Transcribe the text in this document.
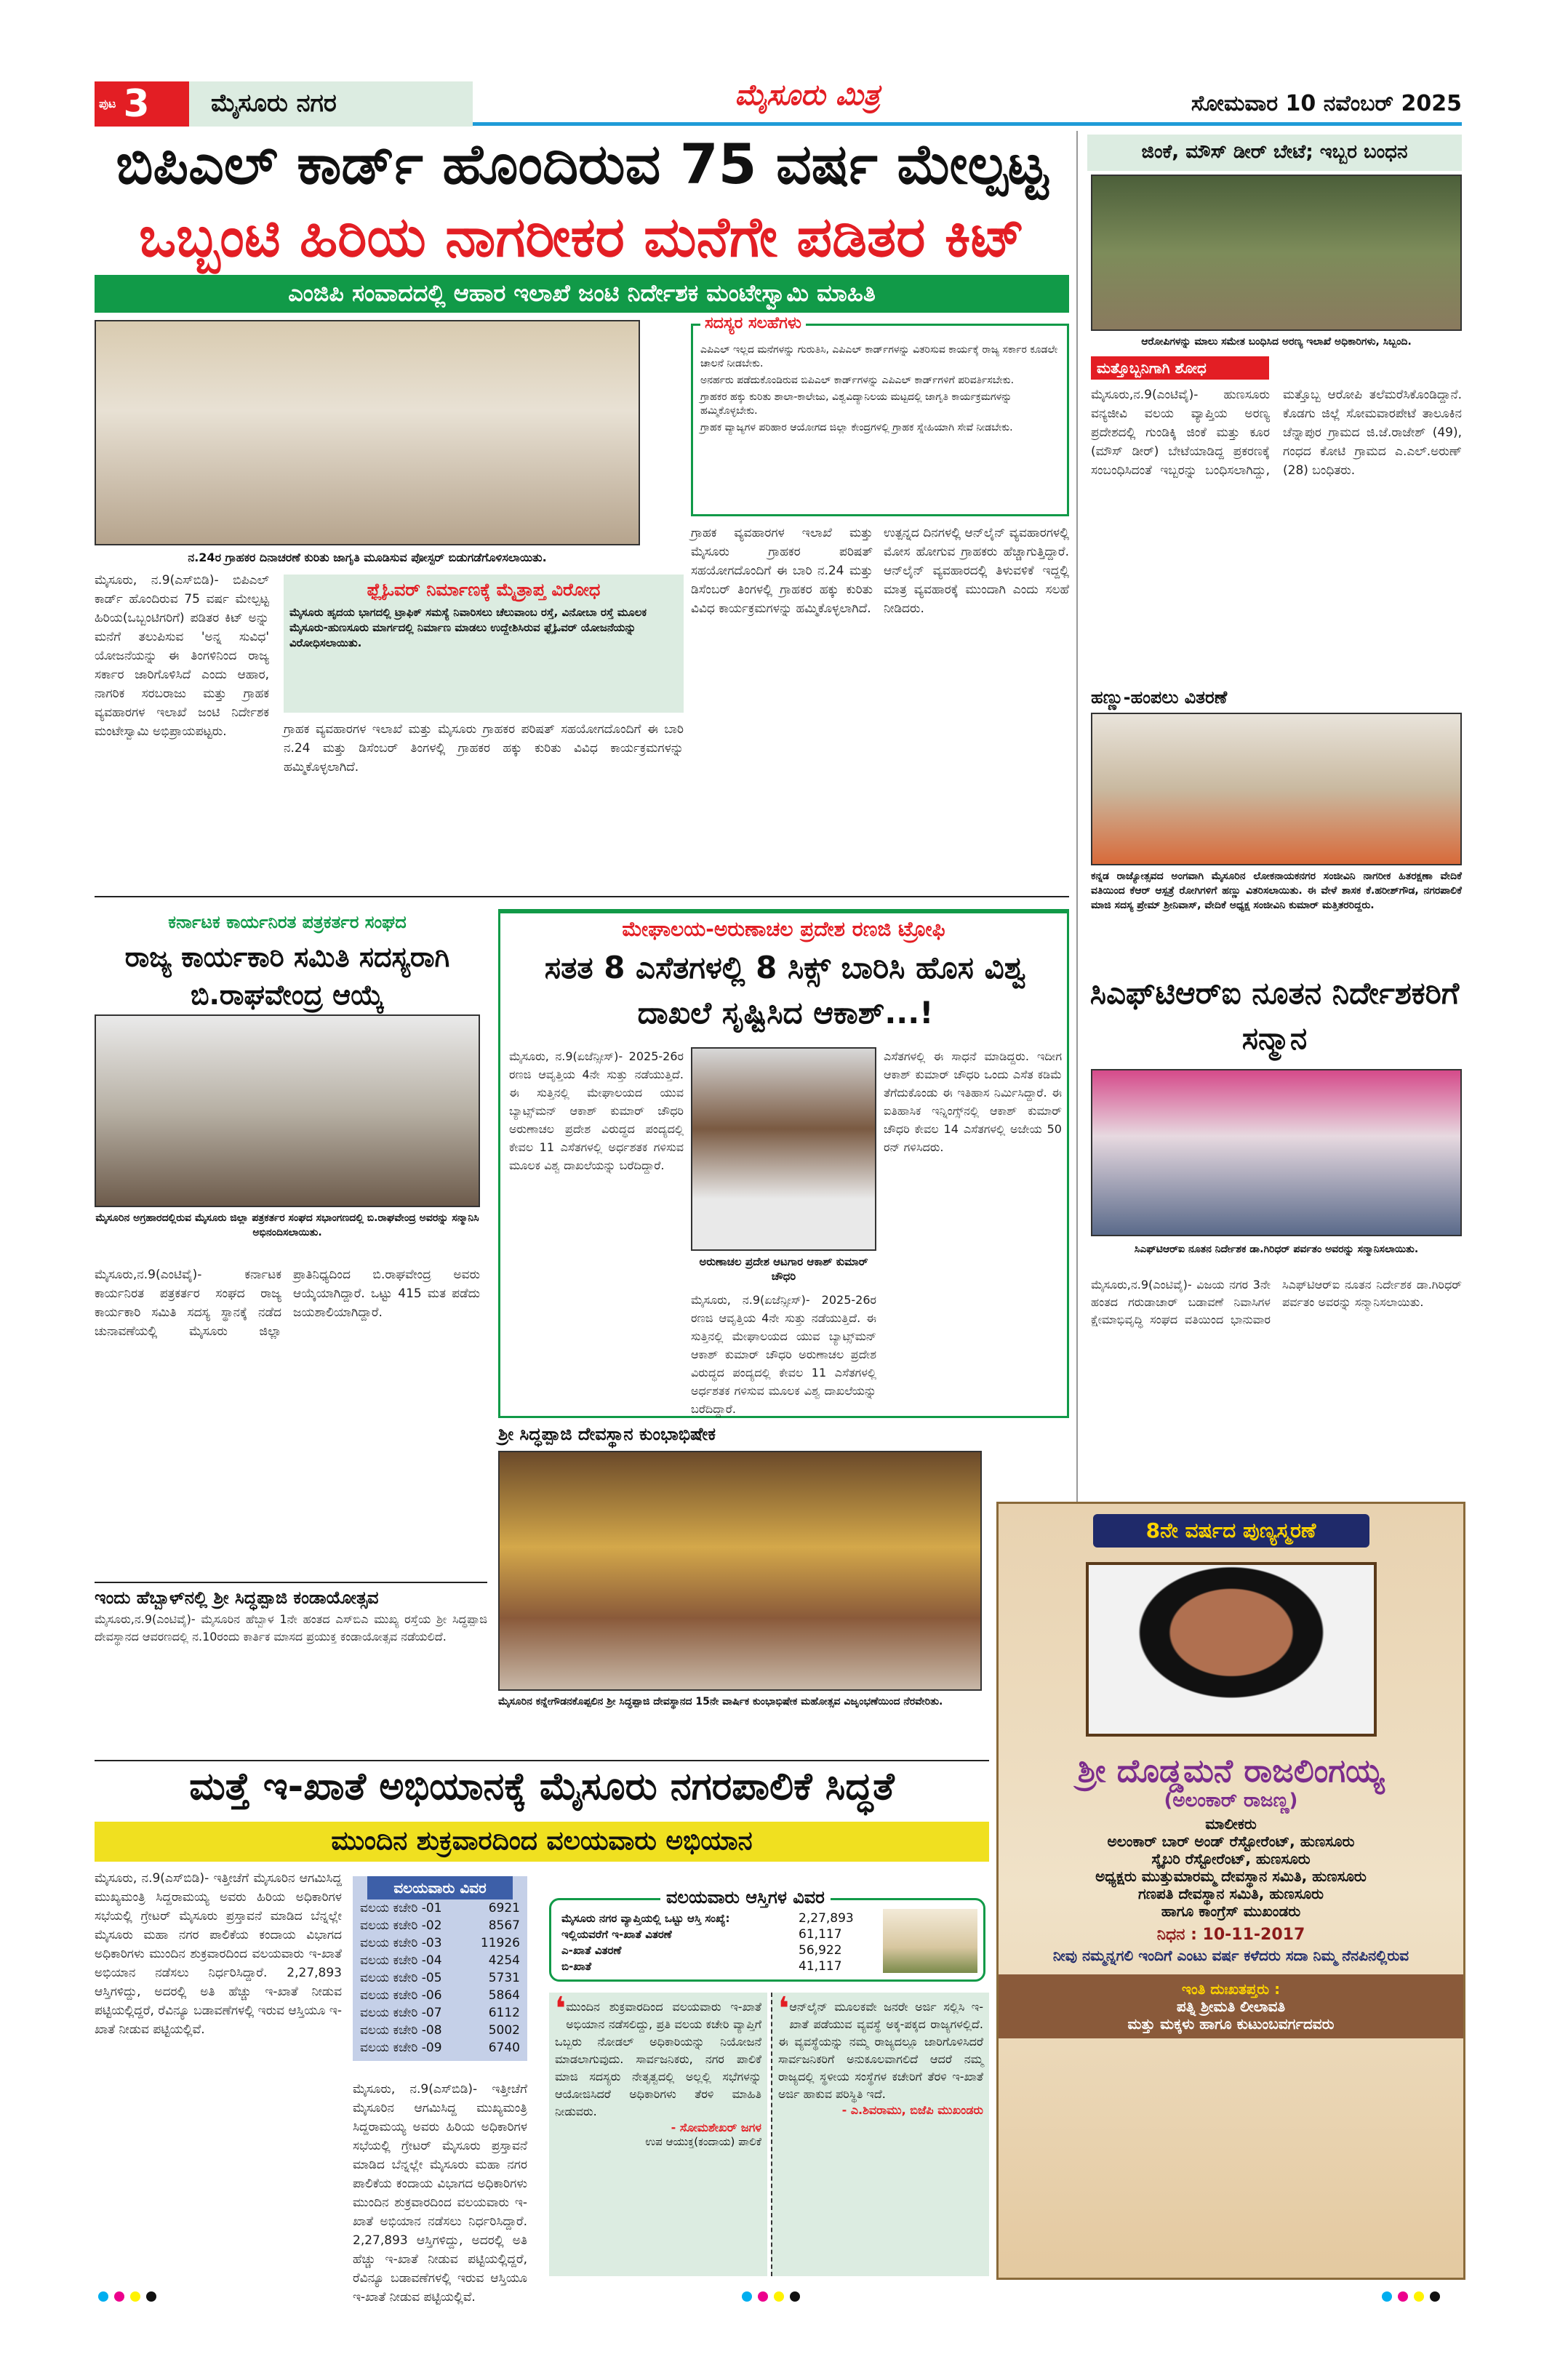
ಪುಟ 3	ಮೈಸೂರು ನಗರ	ಮೈಸೂರು ಮಿತ್ರ	ಸೋಮವಾರ 10 ನವೆಂಬರ್ 2025
ಬಿಪಿಎಲ್ ಕಾರ್ಡ್ ಹೊಂದಿರುವ 75 ವರ್ಷ ಮೇಲ್ಪಟ್ಟ
ಒಬ್ಬಂಟಿ ಹಿರಿಯ ನಾಗರೀಕರ ಮನೆಗೇ ಪಡಿತರ ಕಿಟ್
ಎಂಜಿಪಿ ಸಂವಾದದಲ್ಲಿ ಆಹಾರ ಇಲಾಖೆ ಜಂಟಿ ನಿರ್ದೇಶಕ ಮಂಟೇಸ್ವಾಮಿ ಮಾಹಿತಿ
ನ.24ರ ಗ್ರಾಹಕರ ದಿನಾಚರಣೆ ಕುರಿತು ಜಾಗೃತಿ ಮೂಡಿಸುವ ಪೋಸ್ಟರ್ ಬಿಡುಗಡೆಗೊಳಿಸಲಾಯಿತು.
ಸದಸ್ಯರ ಸಲಹೆಗಳು
ಎಪಿಎಲ್ ಇಲ್ಲದ ಮನೆಗಳನ್ನು ಗುರುತಿಸಿ, ಎಪಿಎಲ್ ಕಾರ್ಡ್‌ಗಳನ್ನು ವಿತರಿಸುವ ಕಾರ್ಯಕ್ಕೆ ರಾಜ್ಯ ಸರ್ಕಾರ ಕೂಡಲೇ ಚಾಲನೆ ನೀಡಬೇಕು.
ಅನರ್ಹರು ಪಡೆದುಕೊಂಡಿರುವ ಬಿಪಿಎಲ್ ಕಾರ್ಡ್‌ಗಳನ್ನು ಎಪಿಎಲ್ ಕಾರ್ಡ್‌ಗಳಿಗೆ ಪರಿವರ್ತಿಸಬೇಕು.
ಗ್ರಾಹಕರ ಹಕ್ಕು ಕುರಿತು ಶಾಲಾ-ಕಾಲೇಜು, ವಿಶ್ವವಿದ್ಯಾನಿಲಯ ಮಟ್ಟದಲ್ಲಿ ಜಾಗೃತಿ ಕಾರ್ಯಕ್ರಮಗಳನ್ನು ಹಮ್ಮಿಕೊಳ್ಳಬೇಕು.
ಗ್ರಾಹಕ ವ್ಯಾಜ್ಯಗಳ ಪರಿಹಾರ ಆಯೋಗದ ಜಿಲ್ಲಾ ಕೇಂದ್ರಗಳಲ್ಲಿ ಗ್ರಾಹಕ ಸ್ನೇಹಿಯಾಗಿ ಸೇವೆ ನೀಡಬೇಕು.
ಮೈಸೂರು, ನ.9(ಎಸ್‌ಬಿಡಿ)- ಬಿಪಿಎಲ್ ಕಾರ್ಡ್ ಹೊಂದಿರುವ 75 ವರ್ಷ ಮೇಲ್ಪಟ್ಟ ಹಿರಿಯ(ಒಬ್ಬಂಟಿಗರಿಗೆ) ಪಡಿತರ ಕಿಟ್ ಅನ್ನು ಮನೆಗೆ ತಲುಪಿಸುವ 'ಅನ್ನ ಸುವಿಧ' ಯೋಜನೆಯನ್ನು ಈ ತಿಂಗಳಿನಿಂದ ರಾಜ್ಯ ಸರ್ಕಾರ ಜಾರಿಗೊಳಿಸಿದೆ ಎಂದು ಆಹಾರ, ನಾಗರಿಕ ಸರಬರಾಜು ಮತ್ತು ಗ್ರಾಹಕ ವ್ಯವಹಾರಗಳ ಇಲಾಖೆ ಜಂಟಿ ನಿರ್ದೇಶಕ ಮಂಟೇಸ್ವಾಮಿ ಅಭಿಪ್ರಾಯಪಟ್ಟರು.
ಫ್ಲೈಓವರ್ ನಿರ್ಮಾಣಕ್ಕೆ ಮೈತ್ರಾಪ್ತ ವಿರೋಧ
ಮೈಸೂರು ಹೃದಯ ಭಾಗದಲ್ಲಿ ಟ್ರಾಫಿಕ್ ಸಮಸ್ಯೆ ನಿವಾರಿಸಲು ಚೆಲುವಾಂಬ ರಸ್ತೆ, ವಿನೋಬಾ ರಸ್ತೆ ಮೂಲಕ ಮೈಸೂರು-ಹುಣಸೂರು ಮಾರ್ಗದಲ್ಲಿ ನಿರ್ಮಾಣ ಮಾಡಲು ಉದ್ದೇಶಿಸಿರುವ ಫ್ಲೈಓವರ್ ಯೋಜನೆಯನ್ನು ವಿರೋಧಿಸಲಾಯಿತು.
ಗ್ರಾಹಕ ವ್ಯವಹಾರಗಳ ಇಲಾಖೆ ಮತ್ತು ಮೈಸೂರು ಗ್ರಾಹಕರ ಪರಿಷತ್ ಸಹಯೋಗದೊಂದಿಗೆ ಈ ಬಾರಿ ನ.24 ಮತ್ತು ಡಿಸೆಂಬರ್ ತಿಂಗಳಲ್ಲಿ ಗ್ರಾಹಕರ ಹಕ್ಕು ಕುರಿತು ವಿವಿಧ ಕಾರ್ಯಕ್ರಮಗಳನ್ನು ಹಮ್ಮಿಕೊಳ್ಳಲಾಗಿದೆ.
ಗ್ರಾಹಕ ವ್ಯವಹಾರಗಳ ಇಲಾಖೆ ಮತ್ತು ಮೈಸೂರು ಗ್ರಾಹಕರ ಪರಿಷತ್ ಸಹಯೋಗದೊಂದಿಗೆ ಈ ಬಾರಿ ನ.24 ಮತ್ತು ಡಿಸೆಂಬರ್ ತಿಂಗಳಲ್ಲಿ ಗ್ರಾಹಕರ ಹಕ್ಕು ಕುರಿತು ವಿವಿಧ ಕಾರ್ಯಕ್ರಮಗಳನ್ನು ಹಮ್ಮಿಕೊಳ್ಳಲಾಗಿದೆ.
ಉತ್ಪನ್ನದ ದಿನಗಳಲ್ಲಿ ಆನ್‌ಲೈನ್ ವ್ಯವಹಾರಗಳಲ್ಲಿ ಮೋಸ ಹೋಗುವ ಗ್ರಾಹಕರು ಹೆಚ್ಚಾಗುತ್ತಿದ್ದಾರೆ. ಆನ್‌ಲೈನ್ ವ್ಯವಹಾರದಲ್ಲಿ ತಿಳುವಳಿಕೆ ಇದ್ದಲ್ಲಿ ಮಾತ್ರ ವ್ಯವಹಾರಕ್ಕೆ ಮುಂದಾಗಿ ಎಂದು ಸಲಹೆ ನೀಡಿದರು.
ಜಿಂಕೆ, ಮೌಸ್ ಡೀರ್ ಬೇಟೆ; ಇಬ್ಬರ ಬಂಧನ
ಆರೋಪಿಗಳನ್ನು ಮಾಲು ಸಮೇತ ಬಂಧಿಸಿದ ಅರಣ್ಯ ಇಲಾಖೆ ಅಧಿಕಾರಿಗಳು, ಸಿಬ್ಬಂದಿ.
ಮತ್ತೊಬ್ಬನಿಗಾಗಿ ಶೋಧ
ಮೈಸೂರು,ನ.9(ಎಂಟಿವೈ)- ಹುಣಸೂರು ವನ್ಯಜೀವಿ ವಲಯ ವ್ಯಾಪ್ತಿಯ ಅರಣ್ಯ ಪ್ರದೇಶದಲ್ಲಿ ಗುಂಡಿಕ್ಕಿ ಜಿಂಕೆ ಮತ್ತು ಕೂರ (ಮೌಸ್ ಡೀರ್) ಬೇಟೆಯಾಡಿದ್ದ ಪ್ರಕರಣಕ್ಕೆ ಸಂಬಂಧಿಸಿದಂತೆ ಇಬ್ಬರನ್ನು ಬಂಧಿಸಲಾಗಿದ್ದು, ಮತ್ತೊಬ್ಬ ಆರೋಪಿ ತಲೆಮರೆಸಿಕೊಂಡಿದ್ದಾನೆ. ಕೊಡಗು ಜಿಲ್ಲೆ ಸೋಮವಾರಪೇಟೆ ತಾಲೂಕಿನ ಚೆನ್ನಾಪುರ ಗ್ರಾಮದ ಜಿ.ಜೆ.ರಾಜೇಶ್ (49), ಗಂಧದ ಕೋಟಿ ಗ್ರಾಮದ ಎ.ಎಲ್.ಅರುಣ್ (28) ಬಂಧಿತರು.
ಹಣ್ಣು-ಹಂಪಲು ವಿತರಣೆ
ಕನ್ನಡ ರಾಜ್ಯೋತ್ಸವದ ಅಂಗವಾಗಿ ಮೈಸೂರಿನ ಲೋಕನಾಯಕನಗರ ಸಂಜೀವಿನಿ ನಾಗರೀಕ ಹಿತರಕ್ಷಣಾ ವೇದಿಕೆ ವತಿಯಿಂದ ಕೆಆರ್ ಆಸ್ಪತ್ರೆ ರೋಗಿಗಳಿಗೆ ಹಣ್ಣು ವಿತರಿಸಲಾಯಿತು. ಈ ವೇಳೆ ಶಾಸಕ ಕೆ.ಹರೀಶ್‌ಗೌಡ, ನಗರಪಾಲಿಕೆ ಮಾಜಿ ಸದಸ್ಯ ಪ್ರೇಮ್ ಶ್ರೀನಿವಾಸ್, ವೇದಿಕೆ ಅಧ್ಯಕ್ಷ ಸಂಜೀವಿನಿ ಕುಮಾರ್ ಮತ್ತಿತರರಿದ್ದರು.
ಕರ್ನಾಟಕ ಕಾರ್ಯನಿರತ ಪತ್ರಕರ್ತರ ಸಂಘದ
ರಾಜ್ಯ ಕಾರ್ಯಕಾರಿ ಸಮಿತಿ ಸದಸ್ಯರಾಗಿ ಬಿ.ರಾಘವೇಂದ್ರ ಆಯ್ಕೆ
ಮೈಸೂರಿನ ಅಗ್ರಹಾರದಲ್ಲಿರುವ ಮೈಸೂರು ಜಿಲ್ಲಾ ಪತ್ರಕರ್ತರ ಸಂಘದ ಸಭಾಂಗಣದಲ್ಲಿ ಬಿ.ರಾಘವೇಂದ್ರ ಅವರನ್ನು ಸನ್ಮಾನಿಸಿ ಅಭಿನಂದಿಸಲಾಯಿತು.
ಮೈಸೂರು,ನ.9(ಎಂಟಿವೈ)- ಕರ್ನಾಟಕ ಕಾರ್ಯನಿರತ ಪತ್ರಕರ್ತರ ಸಂಘದ ರಾಜ್ಯ ಕಾರ್ಯಕಾರಿ ಸಮಿತಿ ಸದಸ್ಯ ಸ್ಥಾನಕ್ಕೆ ನಡೆದ ಚುನಾವಣೆಯಲ್ಲಿ ಮೈಸೂರು ಜಿಲ್ಲಾ ಪ್ರಾತಿನಿಧ್ಯದಿಂದ ಬಿ.ರಾಘವೇಂದ್ರ ಅವರು ಆಯ್ಕೆಯಾಗಿದ್ದಾರೆ. ಒಟ್ಟು 415 ಮತ ಪಡೆದು ಜಯಶಾಲಿಯಾಗಿದ್ದಾರೆ.
ಇಂದು ಹೆಬ್ಬಾಳ್‌ನಲ್ಲಿ ಶ್ರೀ ಸಿದ್ಧಪ್ಪಾಜಿ ಕಂಡಾಯೋತ್ಸವ
ಮೈಸೂರು,ನ.9(ಎಂಟಿವೈ)- ಮೈಸೂರಿನ ಹೆಬ್ಬಾಳ 1ನೇ ಹಂತದ ಎಸ್‌ಬಿಎ ಮುಖ್ಯ ರಸ್ತೆಯ ಶ್ರೀ ಸಿದ್ಧಪ್ಪಾಜಿ ದೇವಸ್ಥಾನದ ಆವರಣದಲ್ಲಿ ನ.10ರಂದು ಕಾರ್ತಿಕ ಮಾಸದ ಪ್ರಯುಕ್ತ ಕಂಡಾಯೋತ್ಸವ ನಡೆಯಲಿದೆ.
ಮೇಘಾಲಯ-ಅರುಣಾಚಲ ಪ್ರದೇಶ ರಣಜಿ ಟ್ರೋಫಿ
ಸತತ 8 ಎಸೆತಗಳಲ್ಲಿ 8 ಸಿಕ್ಸ್ ಬಾರಿಸಿ ಹೊಸ ವಿಶ್ವ ದಾಖಲೆ ಸೃಷ್ಟಿಸಿದ ಆಕಾಶ್...!
ಮೈಸೂರು, ನ.9(ಏಜೆನ್ಸೀಸ್)- 2025-26ರ ರಣಜಿ ಆವೃತ್ತಿಯ 4ನೇ ಸುತ್ತು ನಡೆಯುತ್ತಿದೆ. ಈ ಸುತ್ತಿನಲ್ಲಿ ಮೇಘಾಲಯದ ಯುವ ಬ್ಯಾಟ್ಸ್‌ಮನ್ ಆಕಾಶ್ ಕುಮಾರ್ ಚೌಧರಿ ಅರುಣಾಚಲ ಪ್ರದೇಶ ವಿರುದ್ಧದ ಪಂದ್ಯದಲ್ಲಿ ಕೇವಲ 11 ಎಸೆತಗಳಲ್ಲಿ ಅರ್ಧಶತಕ ಗಳಿಸುವ ಮೂಲಕ ವಿಶ್ವ ದಾಖಲೆಯನ್ನು ಬರೆದಿದ್ದಾರೆ.
ಅರುಣಾಚಲ ಪ್ರದೇಶ ಆಟಗಾರ ಆಕಾಶ್ ಕುಮಾರ್ ಚೌಧರಿ
ಮೈಸೂರು, ನ.9(ಏಜೆನ್ಸೀಸ್)- 2025-26ರ ರಣಜಿ ಆವೃತ್ತಿಯ 4ನೇ ಸುತ್ತು ನಡೆಯುತ್ತಿದೆ. ಈ ಸುತ್ತಿನಲ್ಲಿ ಮೇಘಾಲಯದ ಯುವ ಬ್ಯಾಟ್ಸ್‌ಮನ್ ಆಕಾಶ್ ಕುಮಾರ್ ಚೌಧರಿ ಅರುಣಾಚಲ ಪ್ರದೇಶ ವಿರುದ್ಧದ ಪಂದ್ಯದಲ್ಲಿ ಕೇವಲ 11 ಎಸೆತಗಳಲ್ಲಿ ಅರ್ಧಶತಕ ಗಳಿಸುವ ಮೂಲಕ ವಿಶ್ವ ದಾಖಲೆಯನ್ನು ಬರೆದಿದ್ದಾರೆ.
ಎಸೆತಗಳಲ್ಲಿ ಈ ಸಾಧನೆ ಮಾಡಿದ್ದರು. ಇದೀಗ ಆಕಾಶ್ ಕುಮಾರ್ ಚೌಧರಿ ಒಂದು ಎಸೆತ ಕಡಿಮೆ ತೆಗೆದುಕೊಂಡು ಈ ಇತಿಹಾಸ ನಿರ್ಮಿಸಿದ್ದಾರೆ. ಈ ಐತಿಹಾಸಿಕ ಇನ್ನಿಂಗ್ಸ್‌ನಲ್ಲಿ ಆಕಾಶ್ ಕುಮಾರ್ ಚೌಧರಿ ಕೇವಲ 14 ಎಸೆತಗಳಲ್ಲಿ ಅಜೇಯ 50 ರನ್ ಗಳಿಸಿದರು.
ಶ್ರೀ ಸಿದ್ಧಪ್ಪಾಜಿ ದೇವಸ್ಥಾನ ಕುಂಭಾಭಿಷೇಕ
ಮೈಸೂರಿನ ಕನ್ನೇಗೌಡನಕೊಪ್ಪಲಿನ ಶ್ರೀ ಸಿದ್ಧಪ್ಪಾಜಿ ದೇವಸ್ಥಾನದ 15ನೇ ವಾರ್ಷಿಕ ಕುಂಭಾಭಿಷೇಕ ಮಹೋತ್ಸವ ವಿಜೃಂಭಣೆಯಿಂದ ನೆರವೇರಿತು.
ಸಿಎಫ್‌ಟಿಆರ್‌ಐ ನೂತನ ನಿರ್ದೇಶಕರಿಗೆ ಸನ್ಮಾನ
ಸಿಎಫ್‌ಟಿಆರ್‌ಐ ನೂತನ ನಿರ್ದೇಶಕ ಡಾ.ಗಿರಿಧರ್ ಪರ್ವತಂ ಅವರನ್ನು ಸನ್ಮಾನಿಸಲಾಯಿತು.
ಮೈಸೂರು,ನ.9(ಎಂಟಿವೈ)- ವಿಜಯ ನಗರ 3ನೇ ಹಂತದ ಗರುಡಾಚಾರ್ ಬಡಾವಣೆ ನಿವಾಸಿಗಳ ಕ್ಷೇಮಾಭಿವೃದ್ಧಿ ಸಂಘದ ವತಿಯಿಂದ ಭಾನುವಾರ ಸಿಎಫ್‌ಟಿಆರ್‌ಐ ನೂತನ ನಿರ್ದೇಶಕ ಡಾ.ಗಿರಿಧರ್ ಪರ್ವತಂ ಅವರನ್ನು ಸನ್ಮಾನಿಸಲಾಯಿತು.
8ನೇ ವರ್ಷದ ಪುಣ್ಯಸ್ಮರಣೆ
ಶ್ರೀ ದೊಡ್ಡಮನೆ ರಾಜಲಿಂಗಯ್ಯ
(ಅಲಂಕಾರ್ ರಾಜಣ್ಣ)
ಮಾಲೀಕರು
ಅಲಂಕಾರ್ ಬಾರ್ ಅಂಡ್ ರೆಸ್ಟೋರೆಂಟ್, ಹುಣಸೂರು
ಸ್ಕೈಬರಿ ರೆಸ್ಟೋರೆಂಟ್, ಹುಣಸೂರು
ಅಧ್ಯಕ್ಷರು ಮುತ್ತುಮಾರಮ್ಮ ದೇವಸ್ಥಾನ ಸಮಿತಿ, ಹುಣಸೂರು
ಗಣಪತಿ ದೇವಸ್ಥಾನ ಸಮಿತಿ, ಹುಣಸೂರು
ಹಾಗೂ ಕಾಂಗ್ರೆಸ್ ಮುಖಂಡರು
ನಿಧನ : 10-11-2017
ನೀವು ನಮ್ಮನ್ನಗಲಿ ಇಂದಿಗೆ ಎಂಟು ವರ್ಷ ಕಳೆದರು ಸದಾ ನಿಮ್ಮ ನೆನಪಿನಲ್ಲಿರುವ
ಇಂತಿ ದುಃಖತಪ್ತರು :
ಪತ್ನಿ ಶ್ರೀಮತಿ ಲೀಲಾವತಿ
ಮತ್ತು ಮಕ್ಕಳು ಹಾಗೂ ಕುಟುಂಬವರ್ಗದವರು
ಮತ್ತೆ ಇ-ಖಾತೆ ಅಭಿಯಾನಕ್ಕೆ ಮೈಸೂರು ನಗರಪಾಲಿಕೆ ಸಿದ್ಧತೆ
ಮುಂದಿನ ಶುಕ್ರವಾರದಿಂದ ವಲಯವಾರು ಅಭಿಯಾನ
ಮೈಸೂರು, ನ.9(ಎಸ್‌ಬಿಡಿ)- ಇತ್ತೀಚೆಗೆ ಮೈಸೂರಿನ ಆಗಮಿಸಿದ್ದ ಮುಖ್ಯಮಂತ್ರಿ ಸಿದ್ದರಾಮಯ್ಯ ಅವರು ಹಿರಿಯ ಅಧಿಕಾರಿಗಳ ಸಭೆಯಲ್ಲಿ ಗ್ರೇಟರ್ ಮೈಸೂರು ಪ್ರಸ್ತಾವನೆ ಮಾಡಿದ ಬೆನ್ನಲ್ಲೇ ಮೈಸೂರು ಮಹಾ ನಗರ ಪಾಲಿಕೆಯ ಕಂದಾಯ ವಿಭಾಗದ ಅಧಿಕಾರಿಗಳು ಮುಂದಿನ ಶುಕ್ರವಾರದಿಂದ ವಲಯವಾರು ಇ-ಖಾತೆ ಅಭಿಯಾನ ನಡೆಸಲು ನಿರ್ಧರಿಸಿದ್ದಾರೆ. 2,27,893 ಆಸ್ತಿಗಳಿದ್ದು, ಅದರಲ್ಲಿ ಅತಿ ಹೆಚ್ಚು ಇ-ಖಾತೆ ನೀಡುವ ಪಟ್ಟಿಯಲ್ಲಿದ್ದರೆ, ರೆವಿನ್ಯೂ ಬಡಾವಣೆಗಳಲ್ಲಿ ಇರುವ ಆಸ್ತಿಯೂ ಇ-ಖಾತೆ ನೀಡುವ ಪಟ್ಟಿಯಲ್ಲಿವೆ.
ವಲಯವಾರು ವಿವರ
ವಲಯ ಕಚೇರಿ -01	6921
ವಲಯ ಕಚೇರಿ -02	8567
ವಲಯ ಕಚೇರಿ -03	11926
ವಲಯ ಕಚೇರಿ -04	4254
ವಲಯ ಕಚೇರಿ -05	5731
ವಲಯ ಕಚೇರಿ -06	5864
ವಲಯ ಕಚೇರಿ -07	6112
ವಲಯ ಕಚೇರಿ -08	5002
ವಲಯ ಕಚೇರಿ -09	6740
ಮೈಸೂರು, ನ.9(ಎಸ್‌ಬಿಡಿ)- ಇತ್ತೀಚೆಗೆ ಮೈಸೂರಿನ ಆಗಮಿಸಿದ್ದ ಮುಖ್ಯಮಂತ್ರಿ ಸಿದ್ದರಾಮಯ್ಯ ಅವರು ಹಿರಿಯ ಅಧಿಕಾರಿಗಳ ಸಭೆಯಲ್ಲಿ ಗ್ರೇಟರ್ ಮೈಸೂರು ಪ್ರಸ್ತಾವನೆ ಮಾಡಿದ ಬೆನ್ನಲ್ಲೇ ಮೈಸೂರು ಮಹಾ ನಗರ ಪಾಲಿಕೆಯ ಕಂದಾಯ ವಿಭಾಗದ ಅಧಿಕಾರಿಗಳು ಮುಂದಿನ ಶುಕ್ರವಾರದಿಂದ ವಲಯವಾರು ಇ-ಖಾತೆ ಅಭಿಯಾನ ನಡೆಸಲು ನಿರ್ಧರಿಸಿದ್ದಾರೆ. 2,27,893 ಆಸ್ತಿಗಳಿದ್ದು, ಅದರಲ್ಲಿ ಅತಿ ಹೆಚ್ಚು ಇ-ಖಾತೆ ನೀಡುವ ಪಟ್ಟಿಯಲ್ಲಿದ್ದರೆ, ರೆವಿನ್ಯೂ ಬಡಾವಣೆಗಳಲ್ಲಿ ಇರುವ ಆಸ್ತಿಯೂ ಇ-ಖಾತೆ ನೀಡುವ ಪಟ್ಟಿಯಲ್ಲಿವೆ.
ವಲಯವಾರು ಆಸ್ತಿಗಳ ವಿವರ
ಮೈಸೂರು ನಗರ ವ್ಯಾಪ್ತಿಯಲ್ಲಿ ಒಟ್ಟು ಆಸ್ತಿ ಸಂಖ್ಯೆ:	2,27,893
ಇಲ್ಲಿಯವರೆಗೆ ಇ-ಖಾತೆ ವಿತರಣೆ	61,117
ಎ-ಖಾತೆ ವಿತರಣೆ	56,922
ಬಿ-ಖಾತೆ	41,117
❛ ಮುಂದಿನ ಶುಕ್ರವಾರದಿಂದ ವಲಯವಾರು ಇ-ಖಾತೆ ಅಭಿಯಾನ ನಡೆಸಲಿದ್ದು, ಪ್ರತಿ ವಲಯ ಕಚೇರಿ ವ್ಯಾಪ್ತಿಗೆ ಒಬ್ಬರು ನೋಡಲ್ ಅಧಿಕಾರಿಯನ್ನು ನಿಯೋಜನೆ ಮಾಡಲಾಗುವುದು. ಸಾರ್ವಜನಿಕರು, ನಗರ ಪಾಲಿಕೆ ಮಾಜಿ ಸದಸ್ಯರು ನೇತೃತ್ವದಲ್ಲಿ ಅಲ್ಲಲ್ಲಿ ಸಭೆಗಳನ್ನು ಆಯೋಜಿಸಿದರೆ ಅಧಿಕಾರಿಗಳು ತೆರಳಿ ಮಾಹಿತಿ ನೀಡುವರು.
- ಸೋಮಶೇಖರ್ ಜಗಳ
ಉಪ ಆಯುಕ್ತ(ಕಂದಾಯ) ಪಾಲಿಕೆ
❛ ಆನ್‌ಲೈನ್ ಮೂಲಕವೇ ಜನರೇ ಅರ್ಜಿ ಸಲ್ಲಿಸಿ ಇ-ಖಾತೆ ಪಡೆಯುವ ವ್ಯವಸ್ಥೆ ಅಕ್ಕ-ಪಕ್ಕದ ರಾಜ್ಯಗಳಲ್ಲಿದೆ. ಈ ವ್ಯವಸ್ಥೆಯನ್ನು ನಮ್ಮ ರಾಜ್ಯದಲ್ಲೂ ಜಾರಿಗೊಳಿಸಿದರೆ ಸಾರ್ವಜನಿಕರಿಗೆ ಅನುಕೂಲವಾಗಲಿದೆ ಆದರೆ ನಮ್ಮ ರಾಜ್ಯದಲ್ಲಿ ಸ್ಥಳೀಯ ಸಂಸ್ಥೆಗಳ ಕಚೇರಿಗೆ ತೆರಳಿ ಇ-ಖಾತೆ ಅರ್ಜಿ ಹಾಕುವ ಪರಿಸ್ಥಿತಿ ಇದೆ.
- ಎ.ಶಿವರಾಮು, ಬಿಜೆಪಿ ಮುಖಂಡರು
